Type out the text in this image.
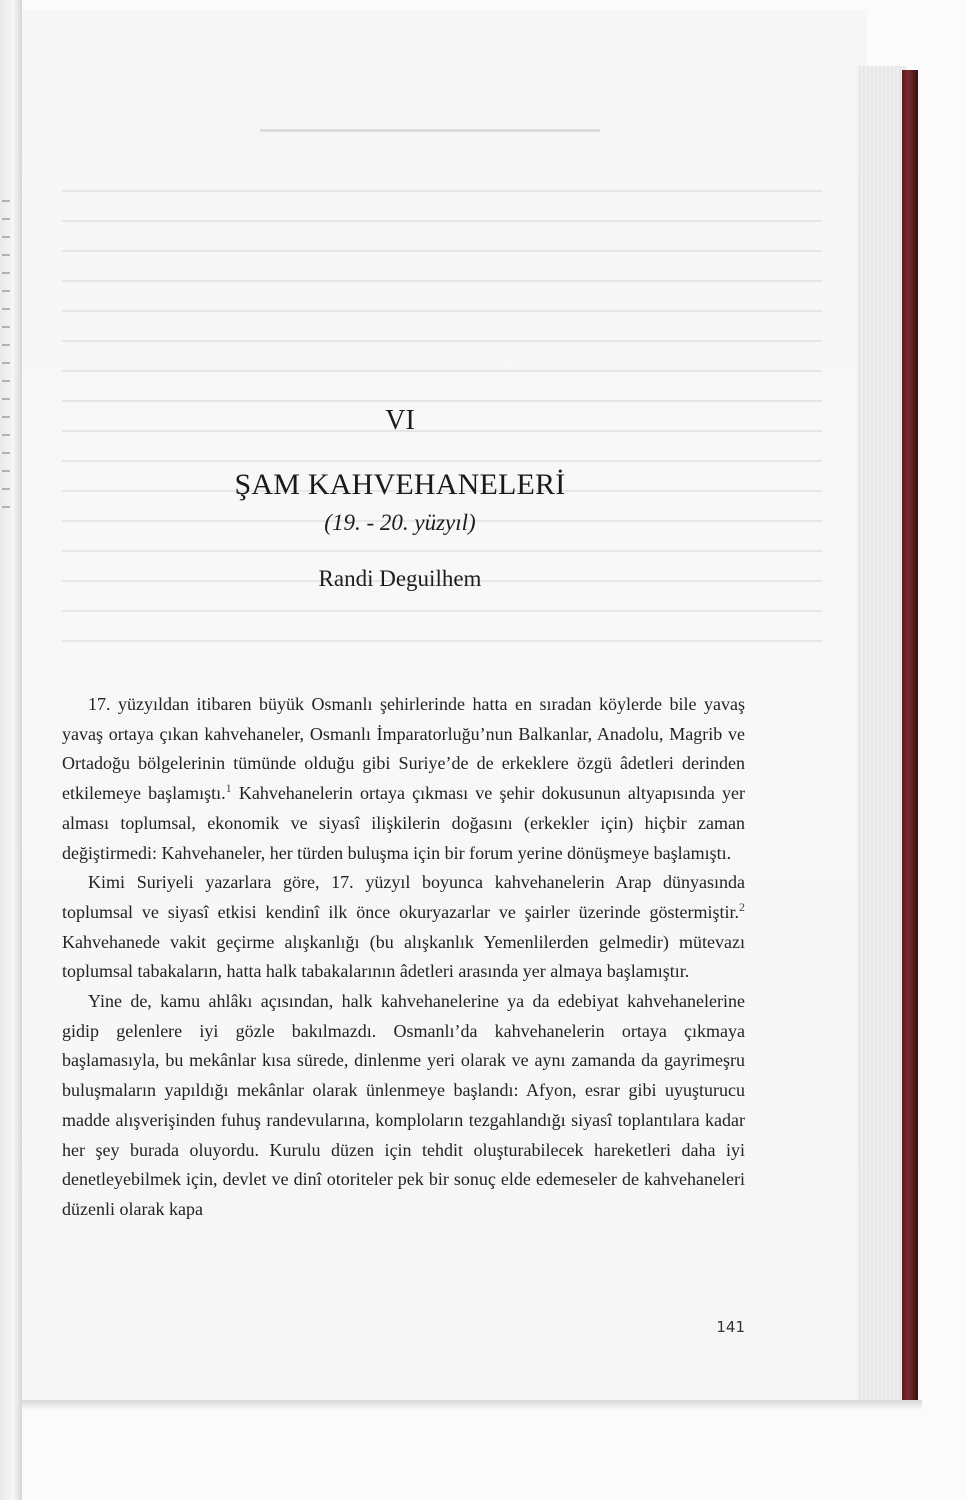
VI
ŞAM KAHVEHANELERİ
(19. - 20. yüzyıl)
Randi Deguilhem

17. yüzyıldan itibaren büyük Osmanlı şehirlerinde hatta en sıradan köylerde bile yavaş yavaş ortaya çıkan kahvehaneler, Osmanlı İmparatorluğu’nun Balkanlar, Anadolu, Magrib ve Ortadoğu bölgelerinin tümünde olduğu gibi Suriye’de de erkeklere özgü âdetleri derinden etkilemeye başlamıştı.$^1$ Kahvehanelerin ortaya çıkması ve şehir dokusunun altyapısında yer alması toplumsal, ekonomik ve siyasî ilişkilerin doğasını (erkekler için) hiçbir zaman değiştirmedi: Kahvehaneler, her türden buluşma için bir forum yerine dönüşmeye başlamıştı.

Kimi Suriyeli yazarlara göre, 17. yüzyıl boyunca kahvehanelerin Arap dünyasında toplumsal ve siyasî etkisi kendinî ilk önce okuryazarlar ve şairler üzerinde göstermiştir.$^2$ Kahvehanede vakit geçirme alışkanlığı (bu alışkanlık Yemenlilerden gelmedir) mütevazı toplumsal tabakaların, hatta halk tabakalarının âdetleri arasında yer almaya başlamıştır.

Yine de, kamu ahlâkı açısından, halk kahvehanelerine ya da edebiyat kahvehanelerine gidip gelenlere iyi gözle bakılmazdı. Osmanlı’da kahvehanelerin ortaya çıkmaya başlamasıyla, bu mekânlar kısa sürede, dinlenme yeri olarak ve aynı zamanda da gayrimeşru buluşmaların yapıldığı mekânlar olarak ünlenmeye başlandı: Afyon, esrar gibi uyuşturucu madde alışverişinden fuhuş randevularına, komploların tezgahlandığı siyasî toplantılara kadar her şey burada oluyordu. Kurulu düzen için tehdit oluşturabilecek hareketleri daha iyi denetleyebilmek için, devlet ve dinî otoriteler pek bir sonuç elde edemeseler de kahvehaneleri düzenli olarak kapa

141
